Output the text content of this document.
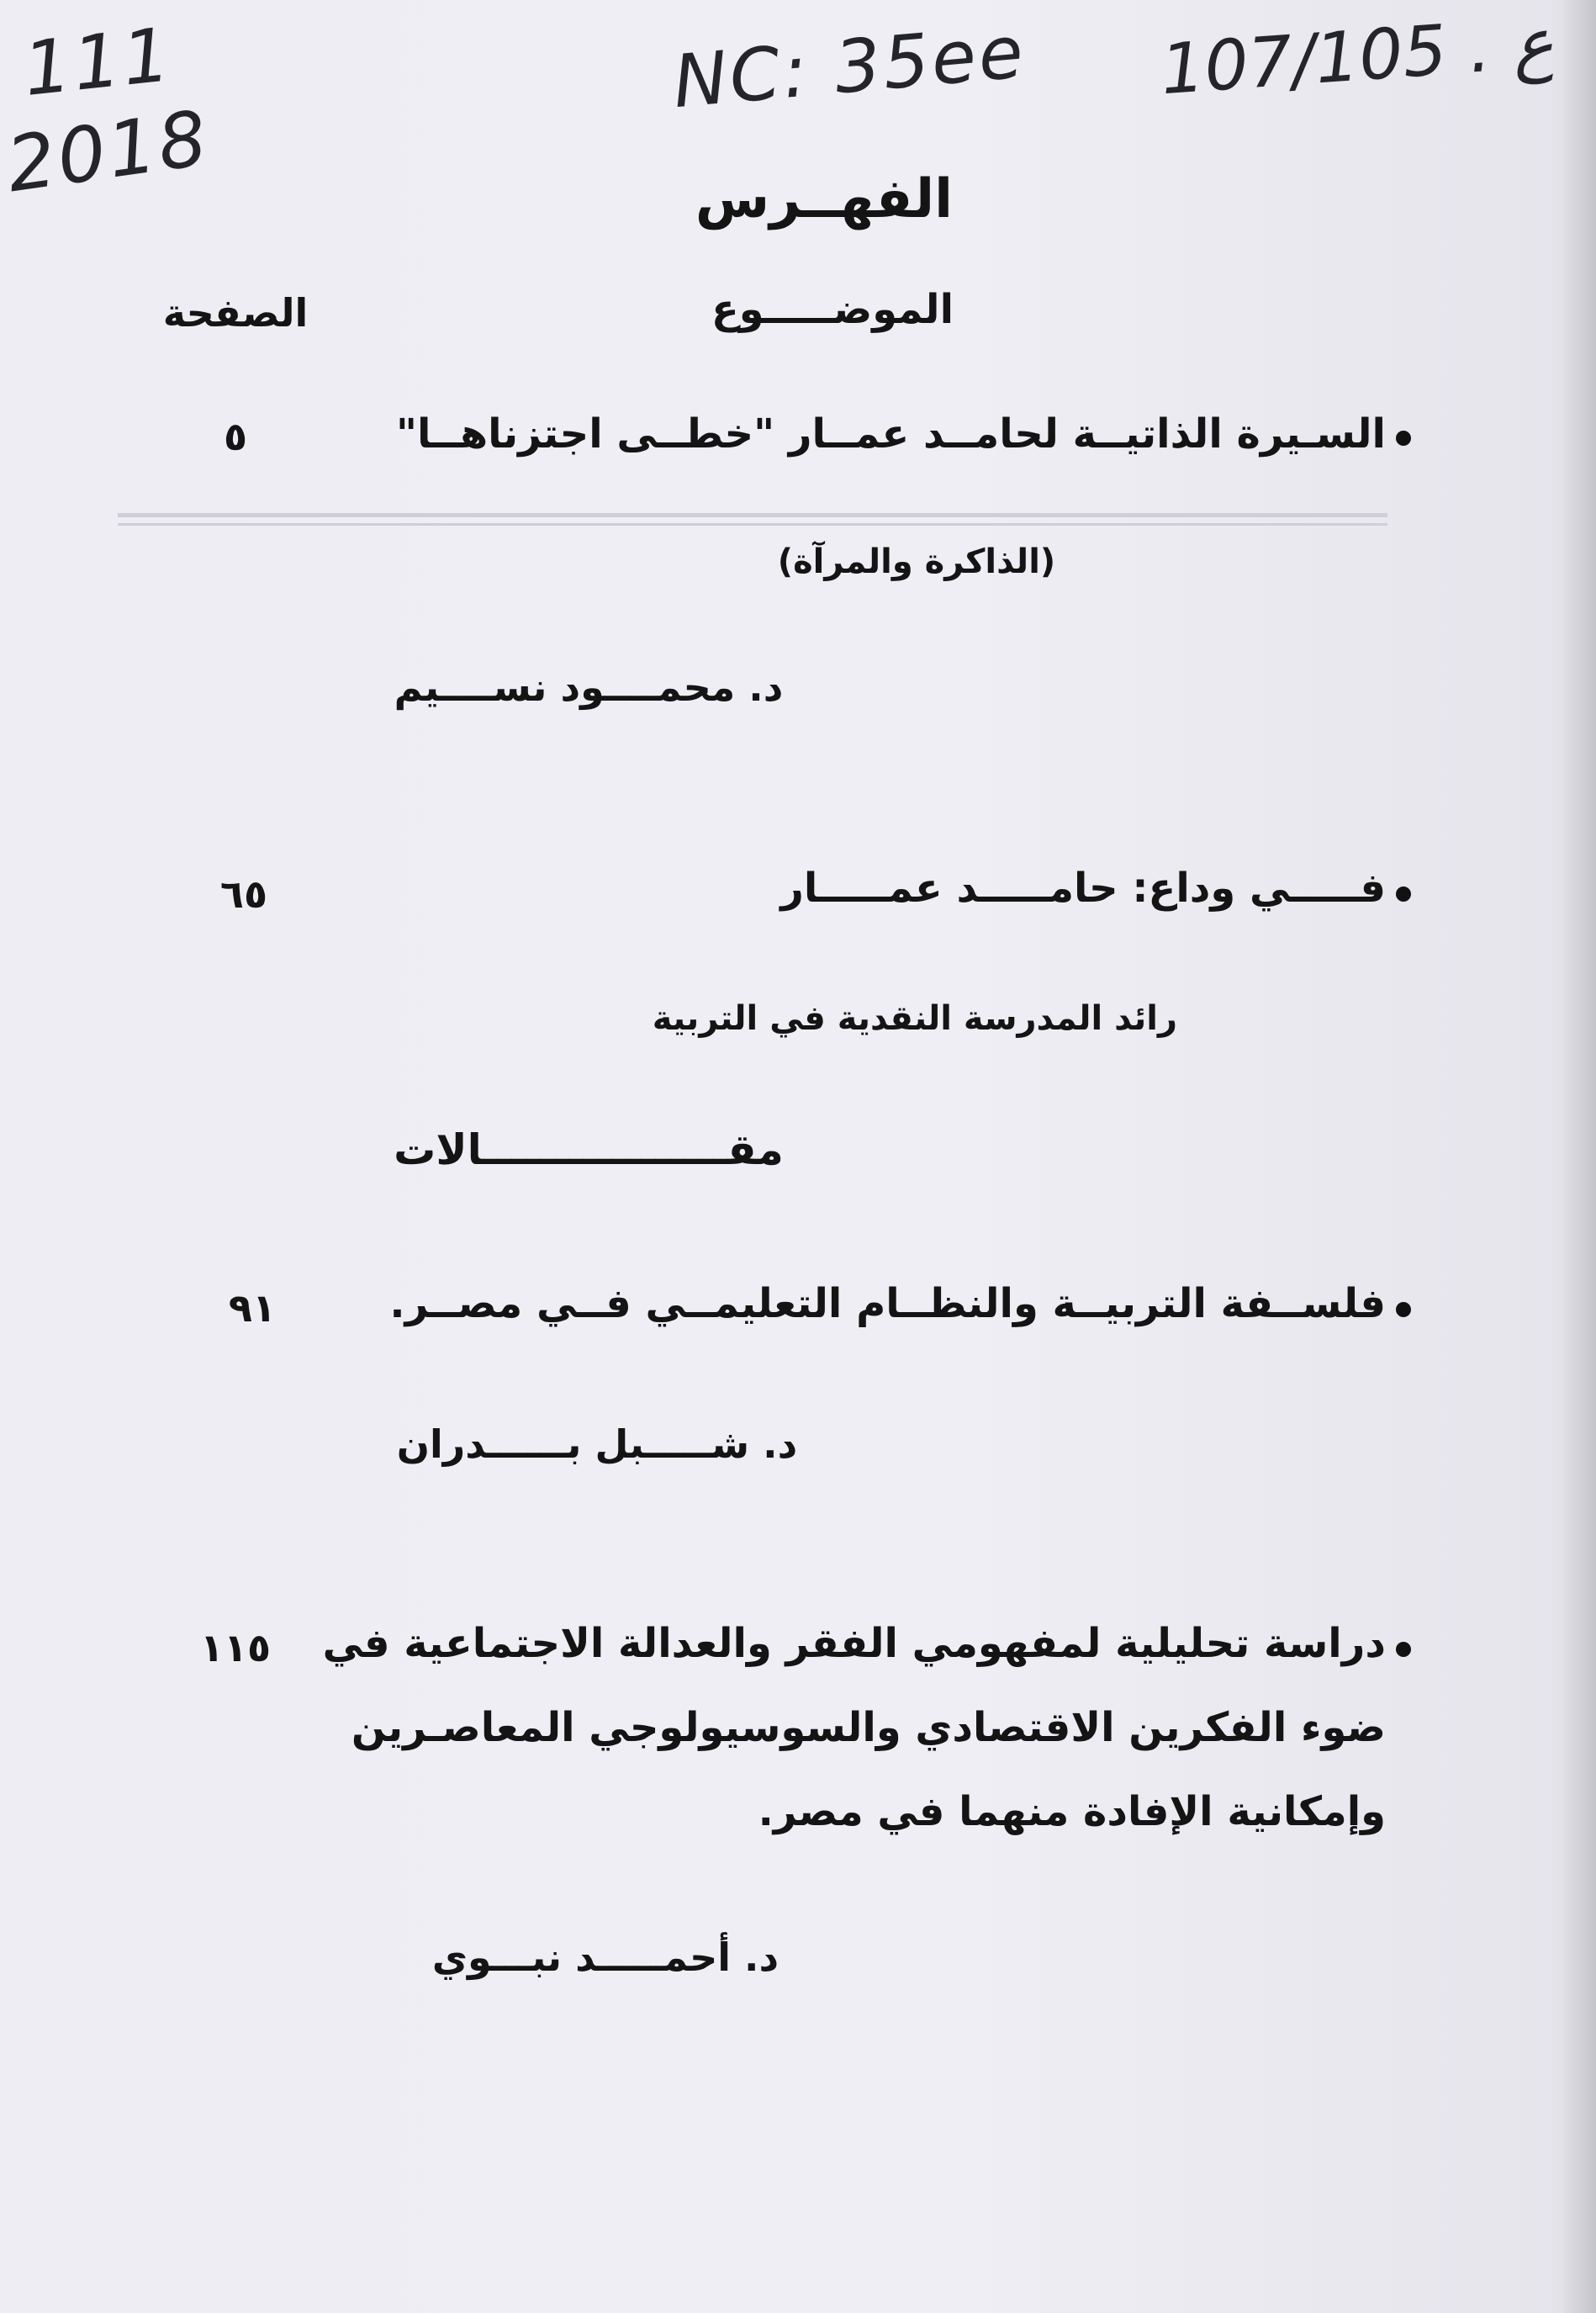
111
2018
NC: 35ee 107/105 . ع
الفهــرس
الموضـــــوع
الصفحة
السـيرة الذاتيــة لحامــد عمــار "خطــى اجتزناهــا"
٥
(الذاكرة والمرآة)
د. محمــــود نســــيم
فـــــي وداع: حامـــــد عمـــــار
٦٥
رائد المدرسة النقدية في التربية
مقـــــــــــــــــالات
فلســفة التربيــة والنظــام التعليمــي فــي مصــر.
٩١
د. شـــــبل بــــــدران
دراسة تحليلية لمفهومي الفقر والعدالة الاجتماعية في
ضوء الفكرين الاقتصادي والسوسيولوجي المعاصـرين
وإمكانية الإفادة منهما في مصر.
١١٥
د. أحمـــــد نبـــوي
